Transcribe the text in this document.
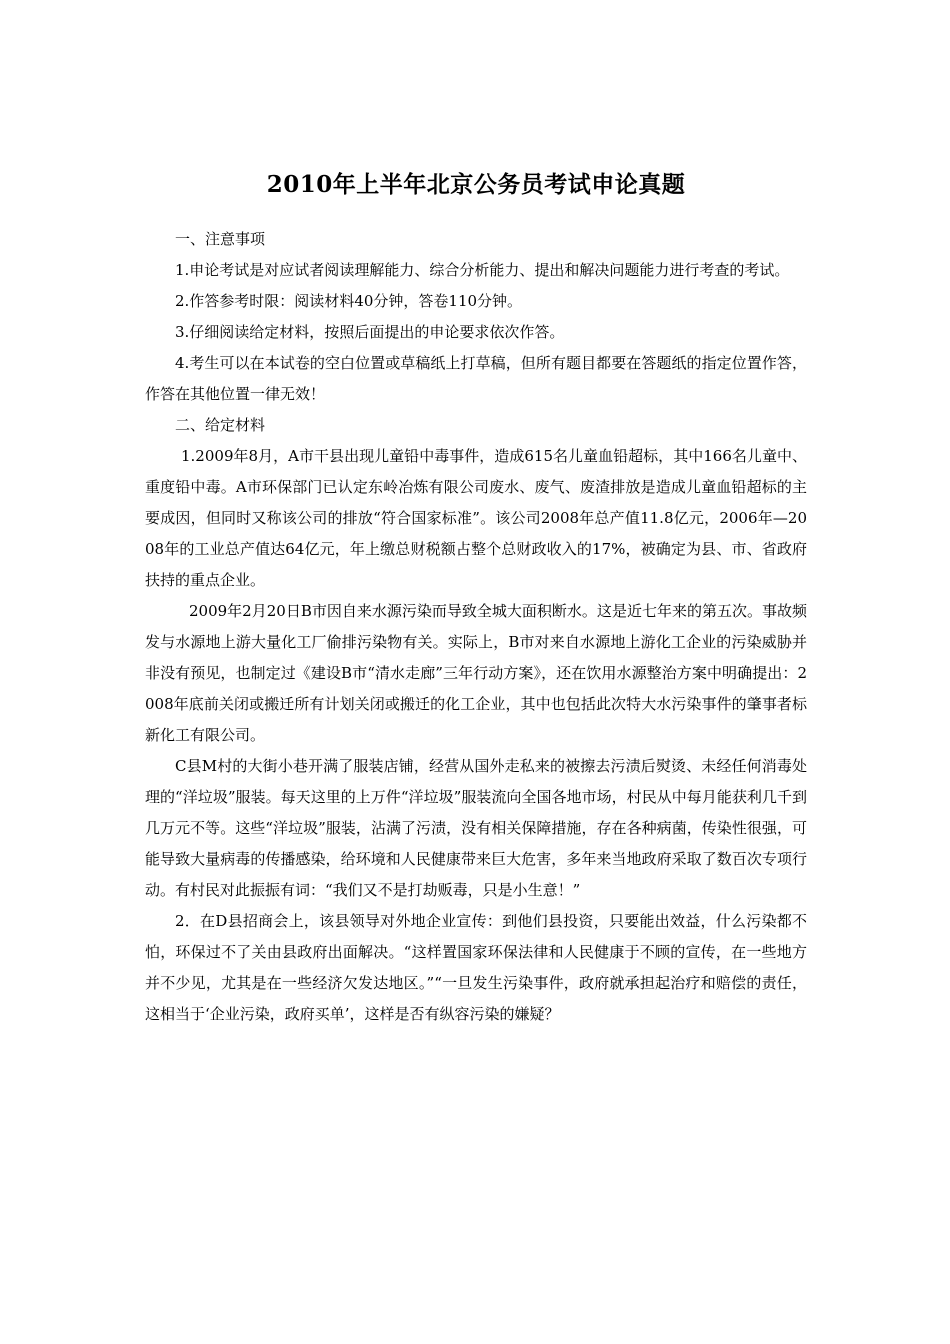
2010年上半年北京公务员考试申论真题

一、注意事项

1.申论考试是对应试者阅读理解能力、综合分析能力、提出和解决问题能力进行考查的考试。

2.作答参考时限：阅读材料40分钟，答卷110分钟。

3.仔细阅读给定材料，按照后面提出的申论要求依次作答。

4.考生可以在本试卷的空白位置或草稿纸上打草稿，但所有题目都要在答题纸的指定位置作答，作答在其他位置一律无效！

二、给定材料

1.2009年8月，A市干县出现儿童铅中毒事件，造成615名儿童血铅超标，其中166名儿童中、重度铅中毒。A市环保部门已认定东岭冶炼有限公司废水、废气、废渣排放是造成儿童血铅超标的主要成因，但同时又称该公司的排放“符合国家标准”。该公司2008年总产值11.8亿元，2006年—2008年的工业总产值达64亿元，年上缴总财税额占整个总财政收入的17%，被确定为县、市、省政府扶持的重点企业。

2009年2月20日B市因自来水源污染而导致全城大面积断水。这是近七年来的第五次。事故频发与水源地上游大量化工厂偷排污染物有关。实际上，B市对来自水源地上游化工企业的污染威胁并非没有预见，也制定过《建设B市“清水走廊”三年行动方案》，还在饮用水源整治方案中明确提出：2008年底前关闭或搬迁所有计划关闭或搬迁的化工企业，其中也包括此次特大水污染事件的肇事者标新化工有限公司。

C县M村的大街小巷开满了服装店铺，经营从国外走私来的被擦去污渍后熨烫、未经任何消毒处理的“洋垃圾”服装。每天这里的上万件“洋垃圾”服装流向全国各地市场，村民从中每月能获利几千到几万元不等。这些“洋垃圾”服装，沾满了污渍，没有相关保障措施，存在各种病菌，传染性很强，可能导致大量病毒的传播感染，给环境和人民健康带来巨大危害，多年来当地政府采取了数百次专项行动。有村民对此振振有词：“我们又不是打劫贩毒，只是小生意！”

2．在D县招商会上，该县领导对外地企业宣传：到他们县投资，只要能出效益，什么污染都不怕，环保过不了关由县政府出面解决。“这样置国家环保法律和人民健康于不顾的宣传，在一些地方并不少见，尤其是在一些经济欠发达地区。”“一旦发生污染事件，政府就承担起治疗和赔偿的责任，这相当于‘企业污染，政府买单’，这样是否有纵容污染的嫌疑？
